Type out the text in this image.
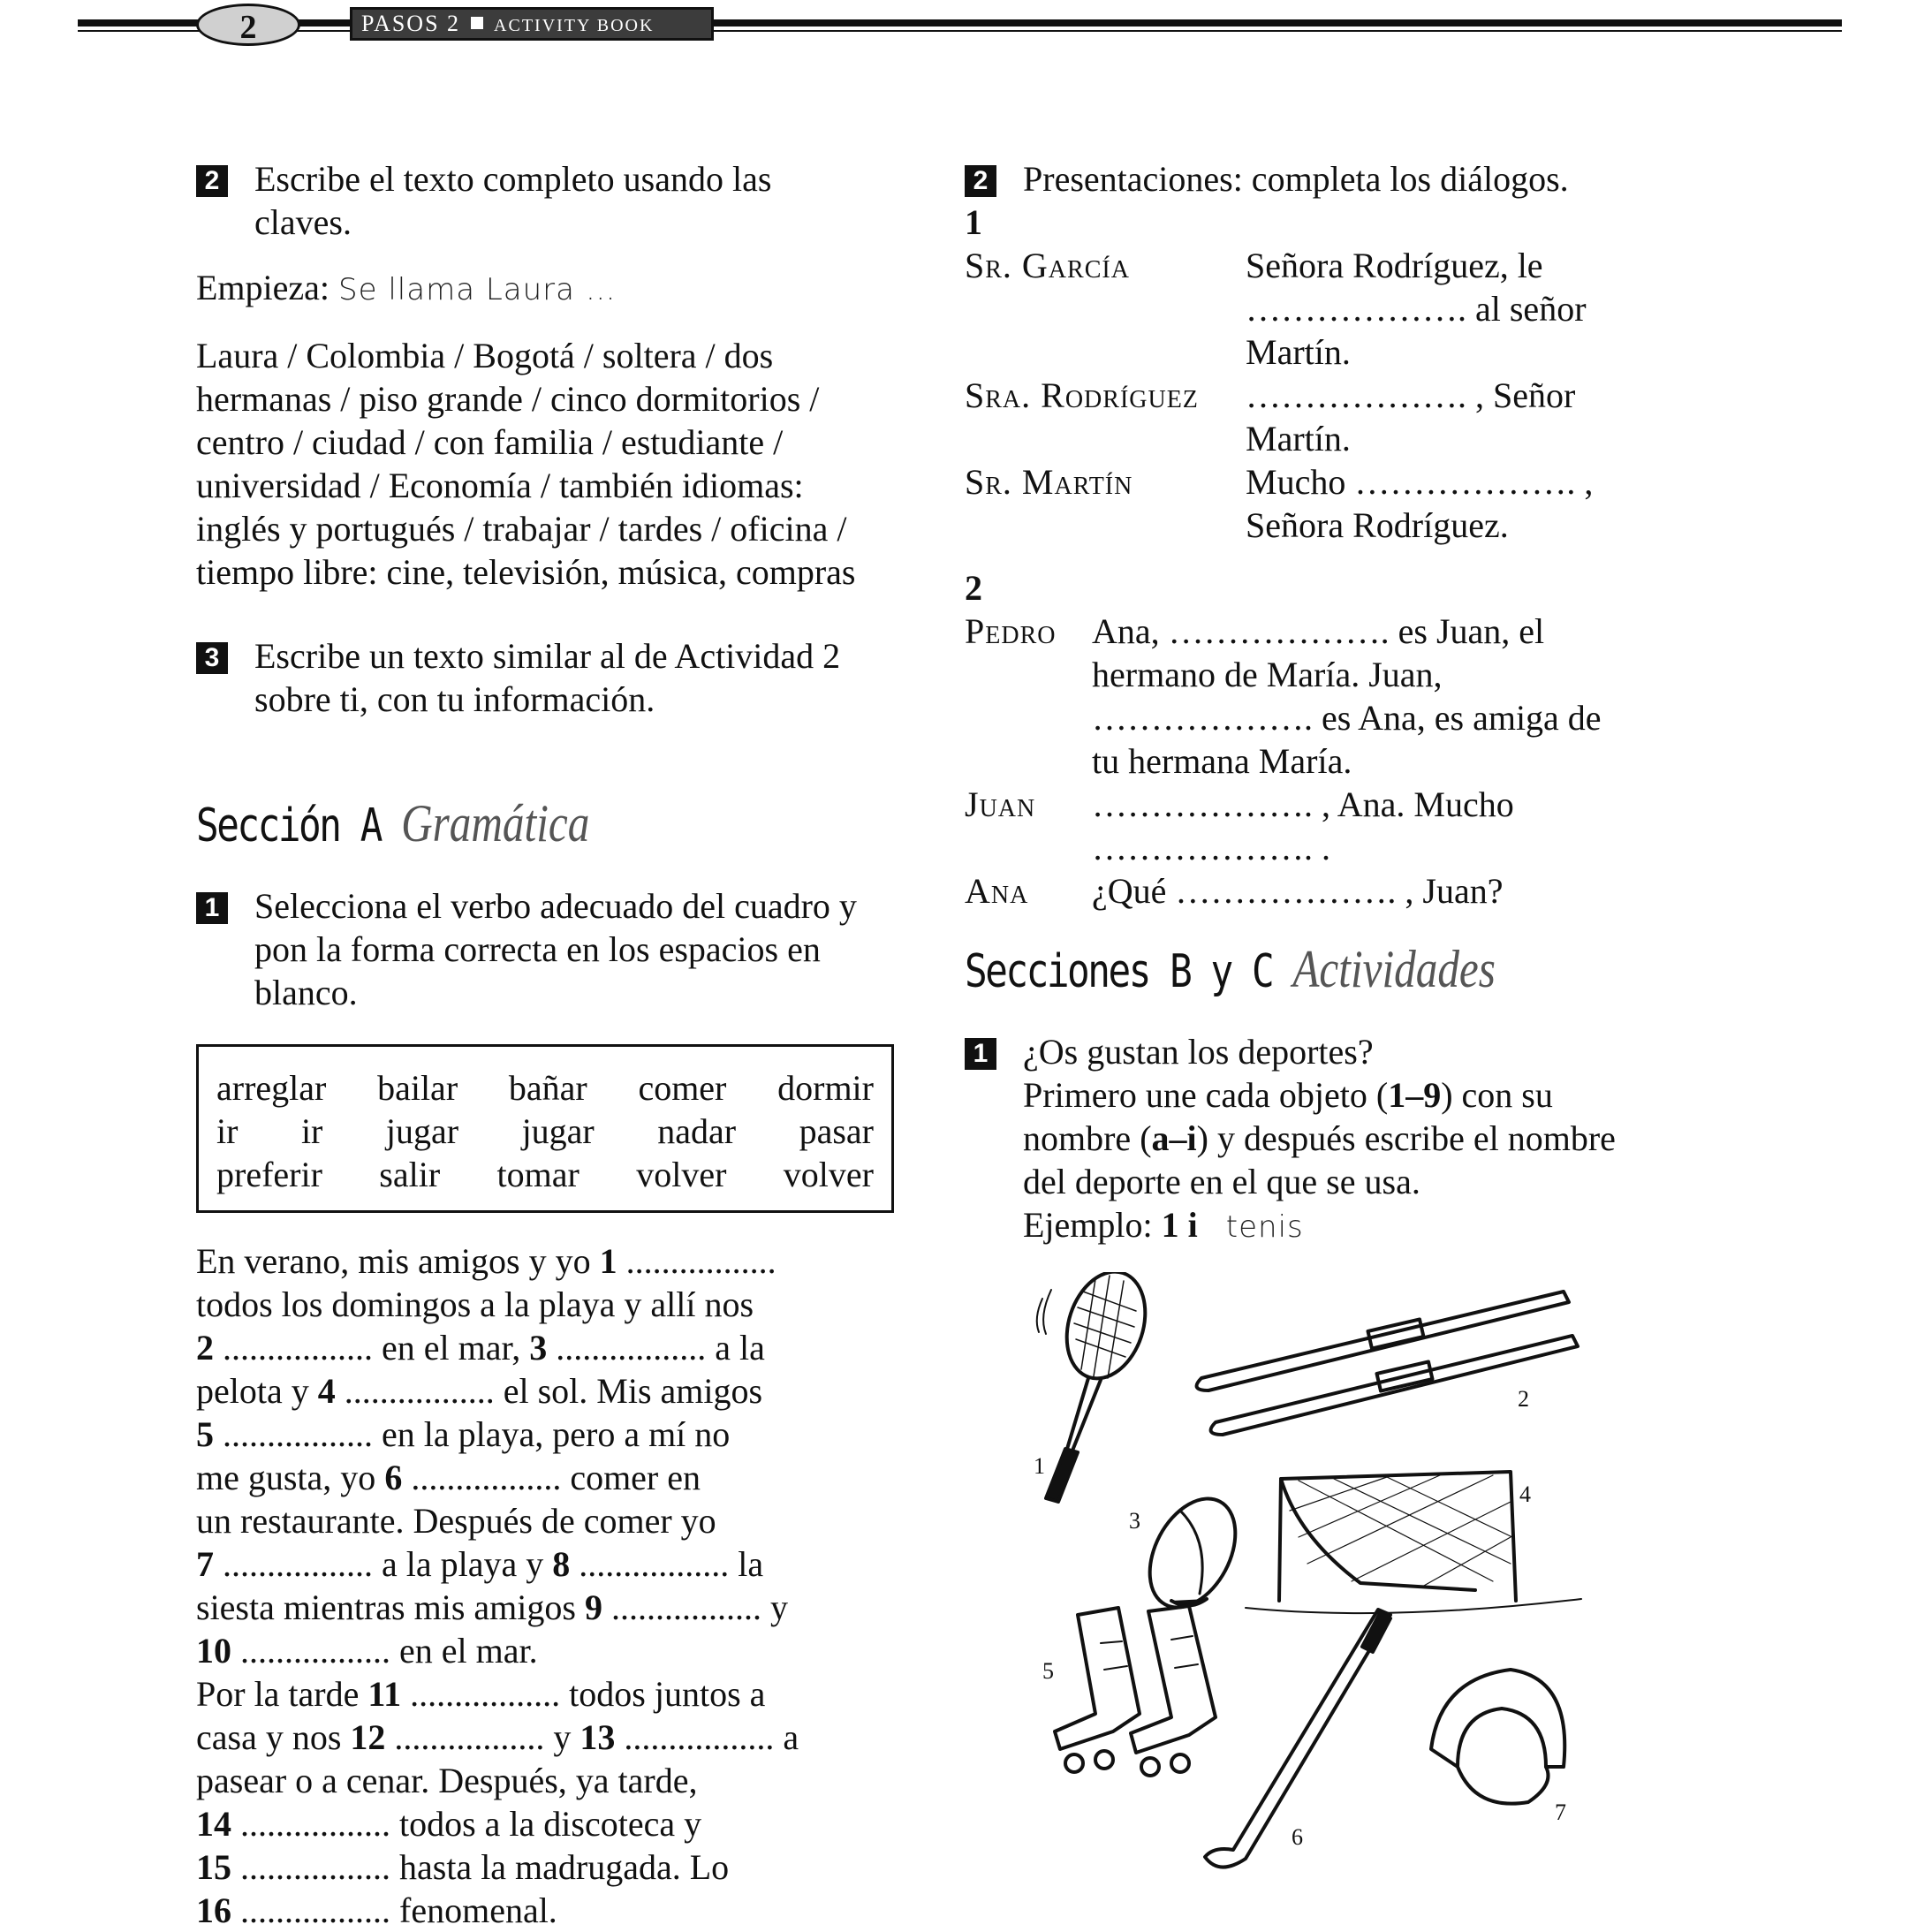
2	PASOS 2 ACTIVITY BOOK
2 Escribe el texto completo usando las
claves.
Empieza: Se llama Laura …
Laura / Colombia / Bogotá / soltera / dos
hermanas / piso grande / cinco dormitorios /
centro / ciudad / con familia / estudiante /
universidad / Economía / también idiomas:
inglés y portugués / trabajar / tardes / oficina /
tiempo libre: cine, televisión, música, compras
3 Escribe un texto similar al de Actividad 2
sobre ti, con tu información.
Sección A Gramática
1 Selecciona el verbo adecuado del cuadro y
pon la forma correcta en los espacios en
blanco.
arreglar bailar bañar comer dormir
ir ir jugar jugar nadar pasar
preferir salir tomar volver volver
En verano, mis amigos y yo 1 .................
todos los domingos a la playa y allí nos
2 ................. en el mar, 3 ................. a la
pelota y 4 ................. el sol. Mis amigos
5 ................. en la playa, pero a mí no
me gusta, yo 6 ................. comer en
un restaurante. Después de comer yo
7 ................. a la playa y 8 ................. la
siesta mientras mis amigos 9 ................. y
10 ................. en el mar.
Por la tarde 11 ................. todos juntos a
casa y nos 12 ................. y 13 ................. a
pasear o a cenar. Después, ya tarde,
14 ................. todos a la discoteca y
15 ................. hasta la madrugada. Lo
16 ................. fenomenal.
2 Presentaciones: completa los diálogos.
1
Sr. García	Señora Rodríguez, le
………………. al señor
Martín.
Sra. Rodríguez	………………. , Señor
Martín.
Sr. Martín	Mucho ………………. ,
Señora Rodríguez.
2
Pedro	Ana, ………………. es Juan, el
hermano de María. Juan,
………………. es Ana, es amiga de
tu hermana María.
Juan	………………. , Ana. Mucho
………………. .
Ana	¿Qué ………………. , Juan?
Secciones B y C Actividades
1 ¿Os gustan los deportes?
Primero une cada objeto (1–9) con su
nombre (a–i) y después escribe el nombre
del deporte en el que se usa.
Ejemplo: 1 i tenis
1
2
3
4
5
6
7
